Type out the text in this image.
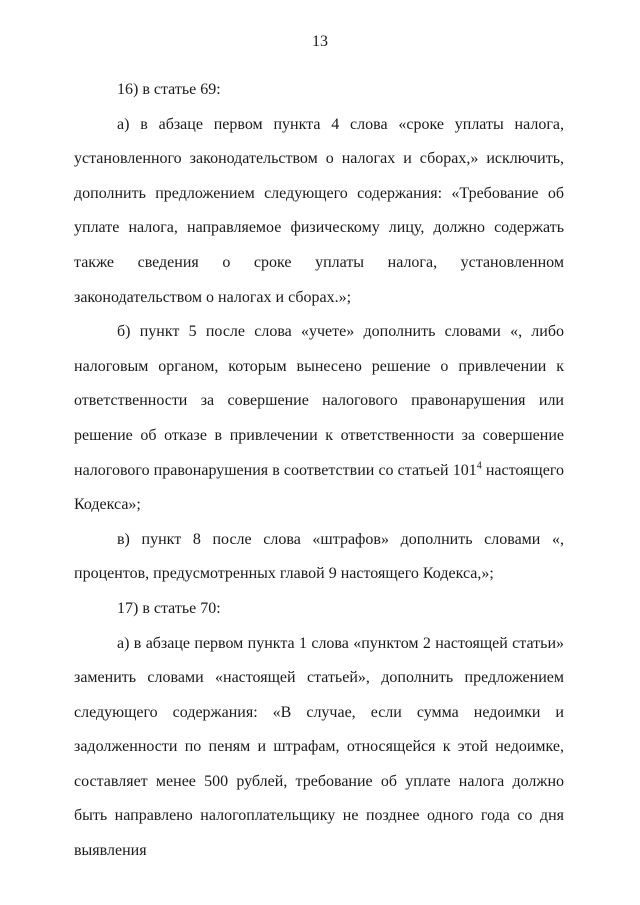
13

16) в статье 69:

а) в абзаце первом пункта 4 слова «сроке уплаты налога, установленного законодательством о налогах и сборах,» исключить, дополнить предложением следующего содержания: «Требование об уплате налога, направляемое физическому лицу, должно содержать также сведения о сроке уплаты налога, установленном законодательством о налогах и сборах.»;

б) пункт 5 после слова «учете» дополнить словами «, либо налоговым органом, которым вынесено решение о привлечении к ответственности за совершение налогового правонарушения или решение об отказе в привлечении к ответственности за совершение налогового правонарушения в соответствии со статьей $101^4$ настоящего Кодекса»;

в) пункт 8 после слова «штрафов» дополнить словами «, процентов, предусмотренных главой 9 настоящего Кодекса,»;

17) в статье 70:

а) в абзаце первом пункта 1 слова «пунктом 2 настоящей статьи» заменить словами «настоящей статьей», дополнить предложением следующего содержания: «В случае, если сумма недоимки и задолженности по пеням и штрафам, относящейся к этой недоимке, составляет менее 500 рублей, требование об уплате налога должно быть направлено налогоплательщику не позднее одного года со дня выявления
